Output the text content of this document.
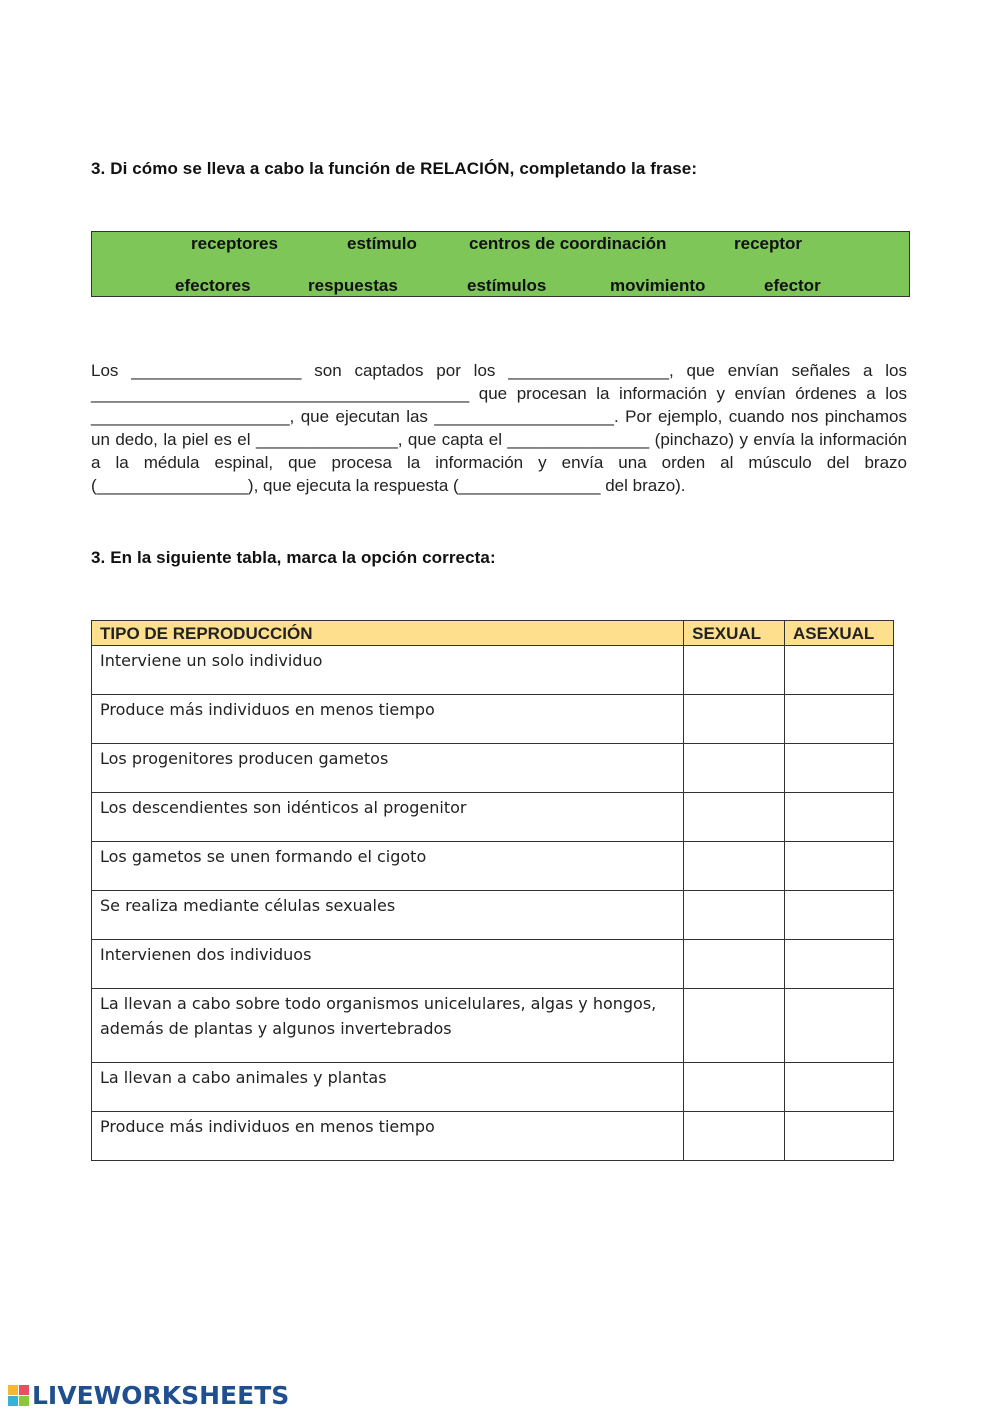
3. Di cómo se lleva a cabo la función de RELACIÓN, completando la frase:
receptores	estímulo	centros de coordinación	receptor
efectores	respuestas	estímulos	movimiento	efector
Los __________________ son captados por los _________________, que envían señales a los ________________________________________ que procesan la información y envían órdenes a los _____________________, que ejecutan las ___________________. Por ejemplo, cuando nos pinchamos un dedo, la piel es el _______________, que capta el _______________ (pinchazo) y envía la información a la médula espinal, que procesa la información y envía una orden al músculo del brazo (________________), que ejecuta la respuesta (_______________ del brazo).
3. En la siguiente tabla, marca la opción correcta:
TIPO DE REPRODUCCIÓN	SEXUAL	ASEXUAL
Interviene un solo individuo		
Produce más individuos en menos tiempo		
Los progenitores producen gametos		
Los descendientes son idénticos al progenitor		
Los gametos se unen formando el cigoto		
Se realiza mediante células sexuales		
Intervienen dos individuos		
La llevan a cabo sobre todo organismos unicelulares, algas y hongos, además de plantas y algunos invertebrados		
La llevan a cabo animales y plantas		
Produce más individuos en menos tiempo		
LIVEWORKSHEETS
